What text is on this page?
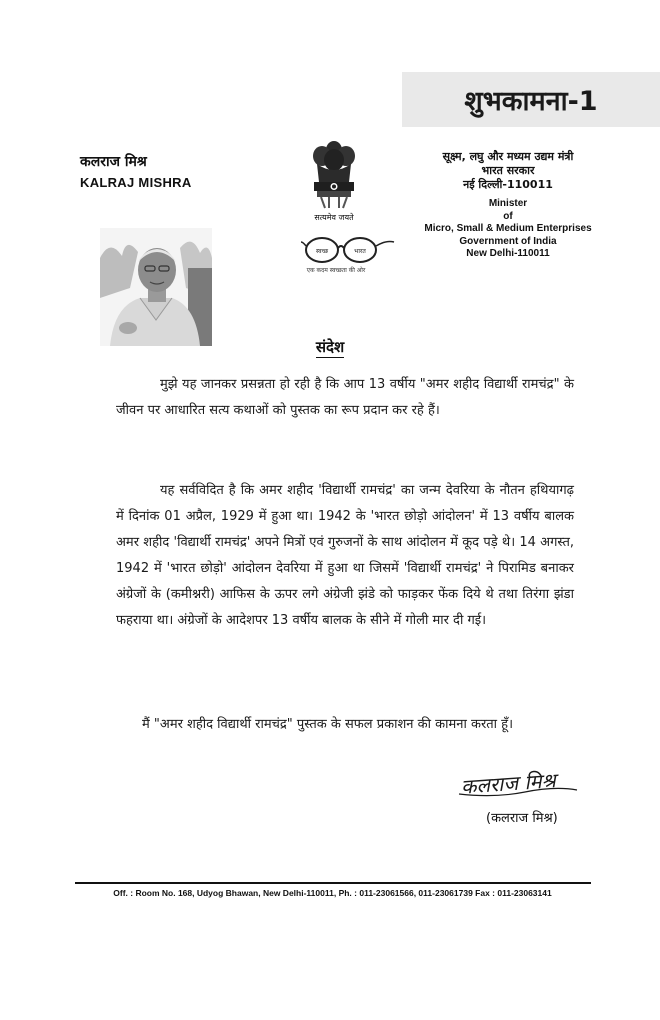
शुभकामना-1
कलराज मिश्र
KALRAJ MISHRA
सत्यमेव जयते
स्वच्छ	भारत
एक कदम स्वच्छता की ओर
सूक्ष्म, लघु और मध्यम उद्यम मंत्री
भारत सरकार
नई दिल्ली-110011
Minister
of
Micro, Small & Medium Enterprises
Government of India
New Delhi-110011
संदेश
मुझे यह जानकर प्रसन्नता हो रही है कि आप 13 वर्षीय "अमर शहीद विद्यार्थी रामचंद्र" के जीवन पर आधारित सत्य कथाओं को पुस्तक का रूप प्रदान कर रहे हैं।
यह सर्वविदित है कि अमर शहीद 'विद्यार्थी रामचंद्र' का जन्म देवरिया के नौतन हथियागढ़ में दिनांक 01 अप्रैल, 1929 में हुआ था। 1942 के 'भारत छोड़ो आंदोलन' में 13 वर्षीय बालक अमर शहीद 'विद्यार्थी रामचंद्र' अपने मित्रों एवं गुरुजनों के साथ आंदोलन में कूद पड़े थे। 14 अगस्त, 1942 में 'भारत छोड़ो' आंदोलन देवरिया में हुआ था जिसमें 'विद्यार्थी रामचंद्र' ने पिरामिड बनाकर अंग्रेजों के (कमीश्नरी) आफिस के ऊपर लगे अंग्रेजी झंडे को फाड़कर फेंक दिये थे तथा तिरंगा झंडा फहराया था। अंग्रेजों के आदेशपर 13 वर्षीय बालक के सीने में गोली मार दी गई।
मैं "अमर शहीद विद्यार्थी रामचंद्र" पुस्तक के सफल प्रकाशन की कामना करता हूँ।
कलराज मिश्र
(कलराज मिश्र)
Off. : Room No. 168, Udyog Bhawan, New Delhi-110011, Ph. : 011-23061566, 011-23061739 Fax : 011-23063141
